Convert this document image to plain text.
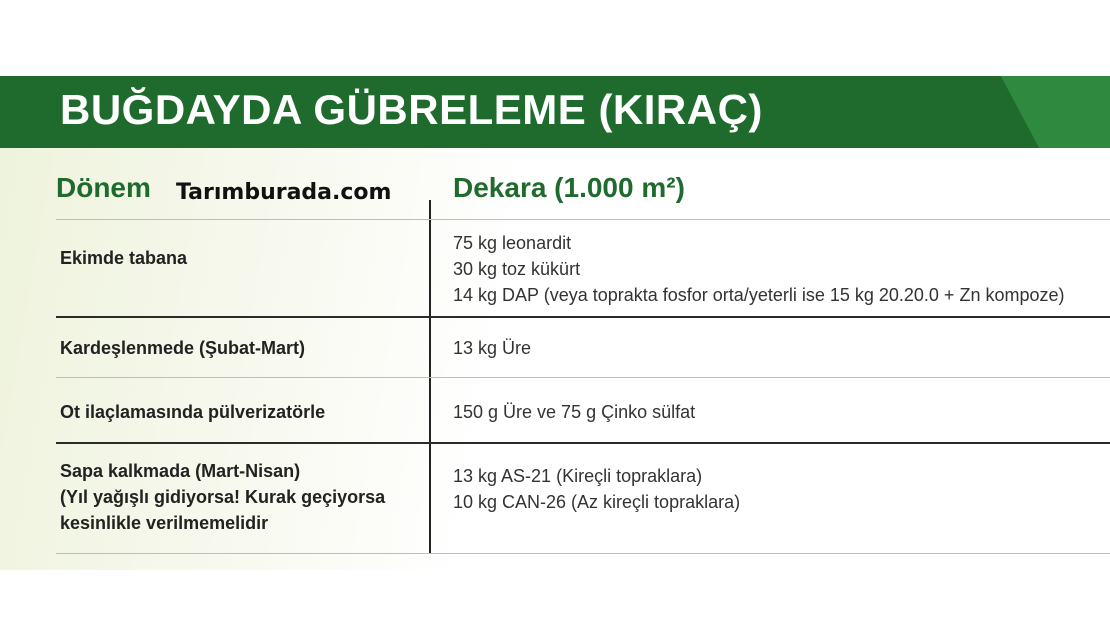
BUĞDAYDA GÜBRELEME (KIRAÇ)
Dönem Tarımburada.com Dekara (1.000 m²)
Ekimde tabana
75 kg leonardit
30 kg toz kükürt
14 kg DAP (veya toprakta fosfor orta/yeterli ise 15 kg 20.20.0 + Zn kompoze)
Kardeşlenmede (Şubat-Mart)	13 kg Üre
Ot ilaçlamasında pülverizatörle	150 g Üre ve 75 g Çinko sülfat
Sapa kalkmada (Mart-Nisan)
(Yıl yağışlı gidiyorsa! Kurak geçiyorsa
kesinlikle verilmemelidir
13 kg AS-21 (Kireçli topraklara)
10 kg CAN-26 (Az kireçli topraklara)
